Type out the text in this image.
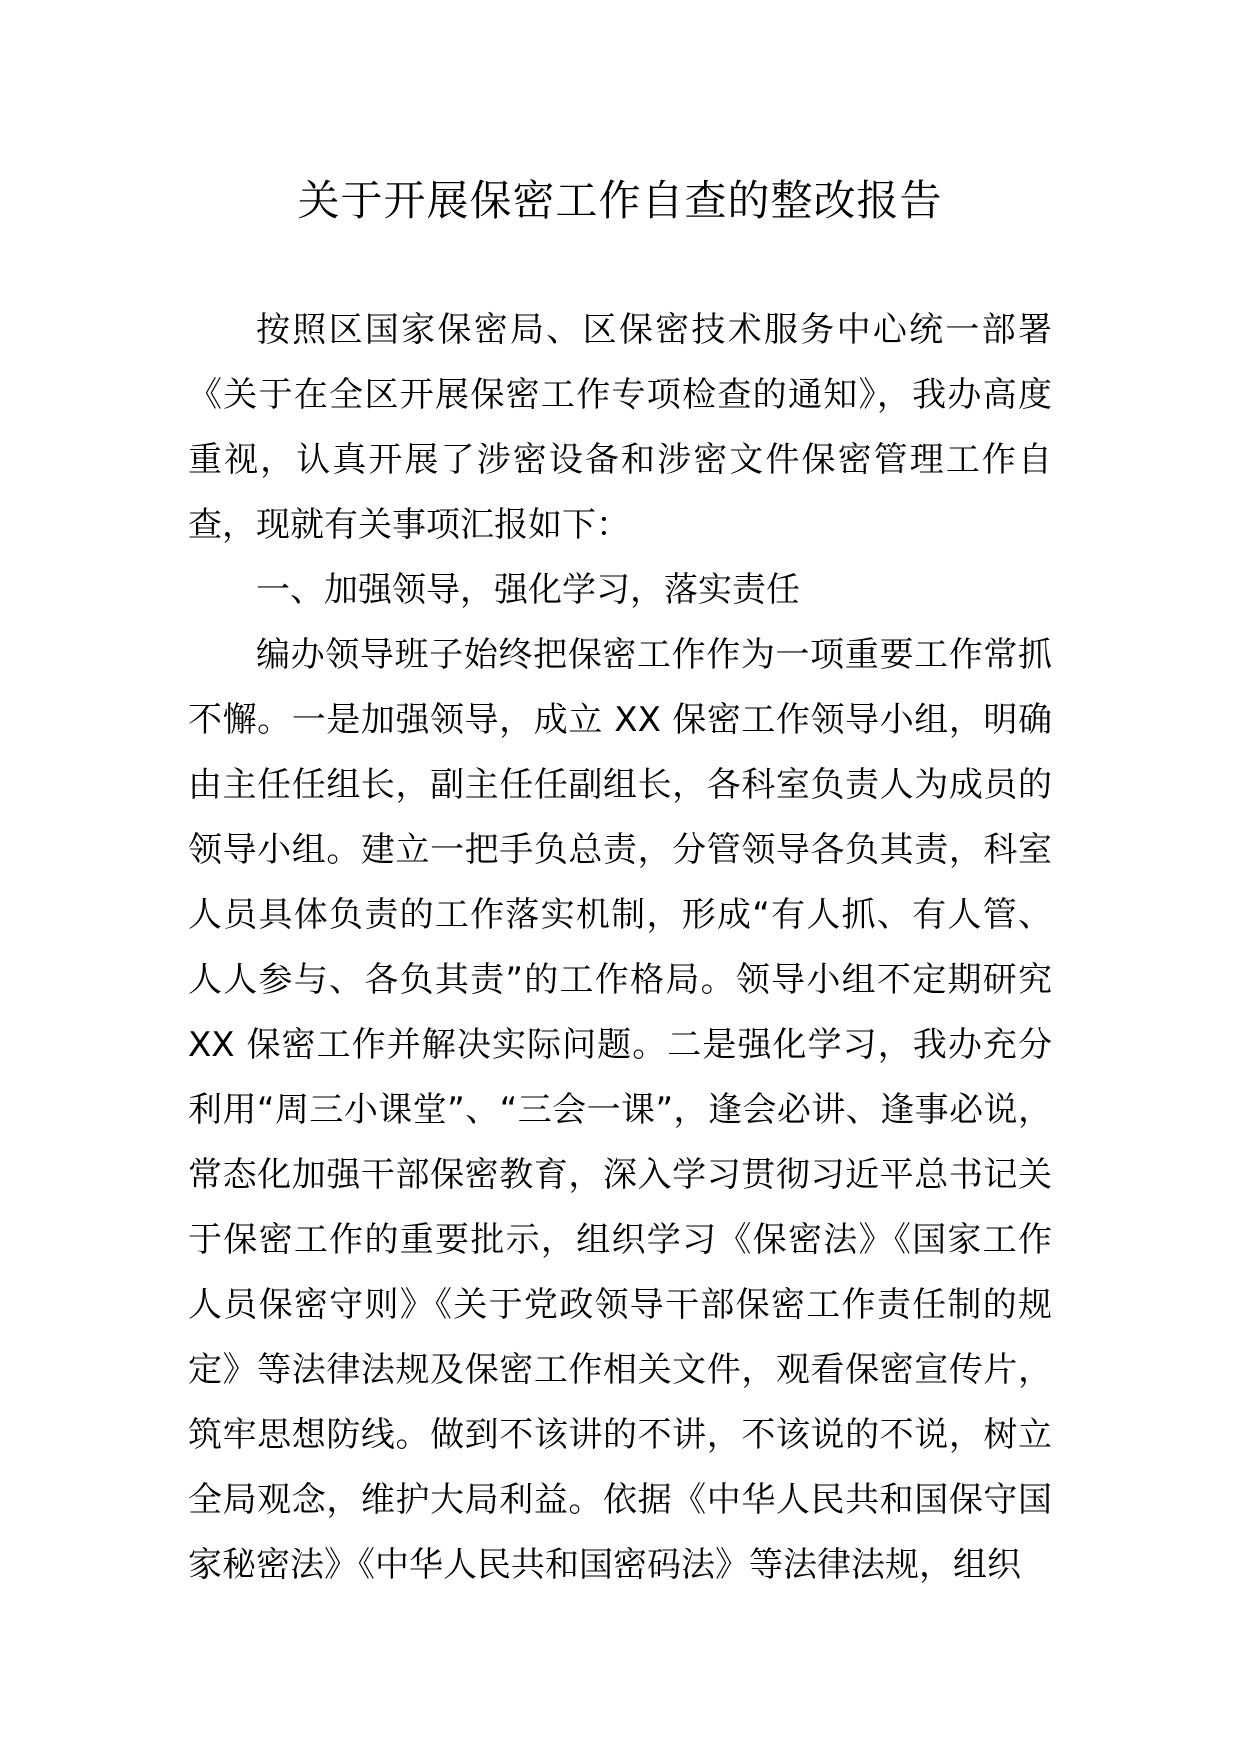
关于开展保密工作自查的整改报告

按照区国家保密局、区保密技术服务中心统一部署《关于在全区开展保密工作专项检查的通知》，我办高度重视，认真开展了涉密设备和涉密文件保密管理工作自查，现就有关事项汇报如下：

一、加强领导，强化学习，落实责任

编办领导班子始终把保密工作作为一项重要工作常抓不懈。一是加强领导，成立 XX 保密工作领导小组，明确由主任任组长，副主任任副组长，各科室负责人为成员的领导小组。建立一把手负总责，分管领导各负其责，科室人员具体负责的工作落实机制，形成“有人抓、有人管、人人参与、各负其责”的工作格局。领导小组不定期研究 XX 保密工作并解决实际问题。二是强化学习，我办充分利用“周三小课堂”、“三会一课”，逢会必讲、逢事必说，常态化加强干部保密教育，深入学习贯彻习近平总书记关于保密工作的重要批示，组织学习《保密法》《国家工作人员保密守则》《关于党政领导干部保密工作责任制的规定》等法律法规及保密工作相关文件，观看保密宣传片，筑牢思想防线。做到不该讲的不讲，不该说的不说，树立全局观念，维护大局利益。依据《中华人民共和国保守国家秘密法》《中华人民共和国密码法》等法律法规，组织
